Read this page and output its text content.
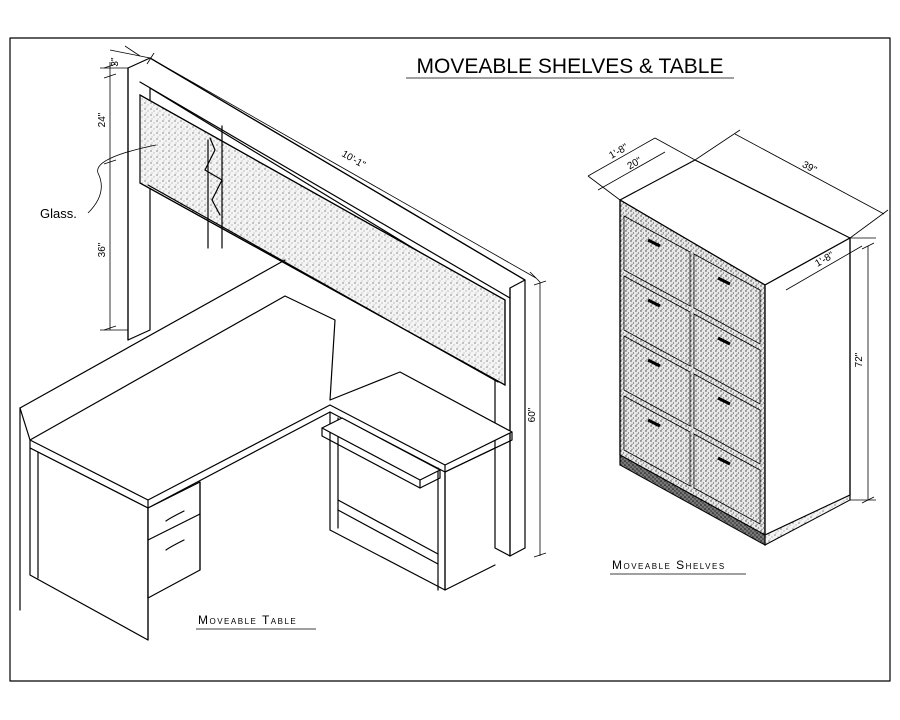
MOVEABLE SHELVES & TABLE
3"
24"
36"
10'-1"
60"
Glass.
Moveable Table
1'-8"
20"	39"
1'-8"
72"
Moveable Shelves
